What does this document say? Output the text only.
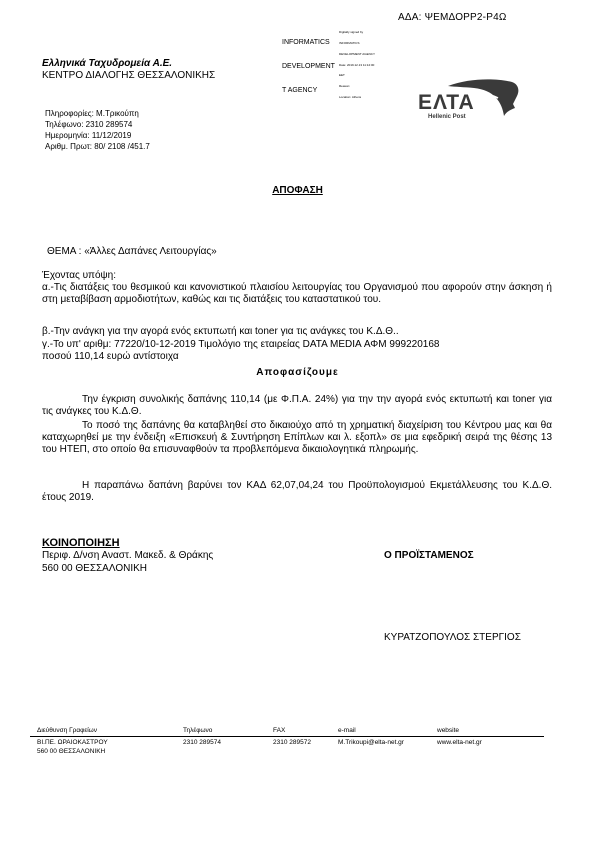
ΑΔΑ: ΨΕΜΔΟΡΡ2-Ρ4Ω

INFORMATICS

DEVELOPMENT

T AGENCY

Digitally signed by

INFORMATICS

DEVELOPMENT AGENCY

Date: 2019.12.13 11:12:00

EET

Reason:

Location: Athens

Ελληνικά Ταχυδρομεία Α.Ε.
ΚΕΝΤΡΟ ΔΙΑΛΟΓΗΣ ΘΕΣΣΑΛΟΝΙΚΗΣ
ΕΛΤΑ
Hellenic Post
Πληροφορίες: Μ.Τρικούπη
Τηλέφωνο: 2310 289574
Ημερομηνία: 11/12/2019
Αριθμ. Πρωτ: 80/ 2108 /451.7
ΑΠΟΦΑΣΗ
ΘΕΜΑ : «Άλλες Δαπάνες Λειτουργίας»
Έχοντας υπόψη:
α.-Τις διατάξεις του θεσμικού και κανονιστικού πλαισίου λειτουργίας του Οργανισμού που αφορούν στην άσκηση ή στη μεταβίβαση αρμοδιοτήτων, καθώς και τις διατάξεις του καταστατικού του.
β.-Την ανάγκη για την αγορά ενός εκτυπωτή και toner για τις ανάγκες του Κ.Δ.Θ..
γ.-Το υπ' αριθμ: 77220/10-12-2019 Τιμολόγιο της εταιρείας DATA MEDIA ΑΦΜ 999220168
ποσού 110,14 ευρώ αντίστοιχα
Αποφασίζουμε
Την έγκριση συνολικής δαπάνης 110,14 (με Φ.Π.Α. 24%) για την την αγορά ενός εκτυπωτή και toner για τις ανάγκες του Κ.Δ.Θ.
Το ποσό της δαπάνης θα καταβληθεί στο δικαιούχο από τη χρηματική διαχείριση του Κέντρου μας και θα καταχωρηθεί με την ένδειξη «Επισκευή & Συντήρηση Επίπλων και λ. εξοπλ» σε μια εφεδρική σειρά της θέσης 13 του ΗΤΕΠ, στο οποίο θα επισυναφθούν τα προβλεπόμενα δικαιολογητικά πληρωμής.
Η παραπάνω δαπάνη βαρύνει τον ΚΑΔ 62,07,04,24 του Προϋπολογισμού Εκμετάλλευσης του Κ.Δ.Θ. έτους 2019.
ΚΟΙΝΟΠΟΙΗΣΗ
Περιφ. Δ/νση Αναστ. Μακεδ. & Θράκης
560 00 ΘΕΣΣΑΛΟΝΙΚΗ
Ο ΠΡΟΪΣΤΑΜΕΝΟΣ
ΚΥΡΑΤΖΟΠΟΥΛΟΣ ΣΤΕΡΓΙΟΣ
Διεύθυνση Γραφείων	Τηλέφωνο	FAX	e-mail	website
ΒΙ.ΠΕ. ΩΡΑΙΟΚΑΣΤΡΟΥ	2310 289574	2310 289572	M.Trikoupi@elta-net.gr	www.elta-net.gr
560 00 ΘΕΣΣΑΛΟΝΙΚΗ
